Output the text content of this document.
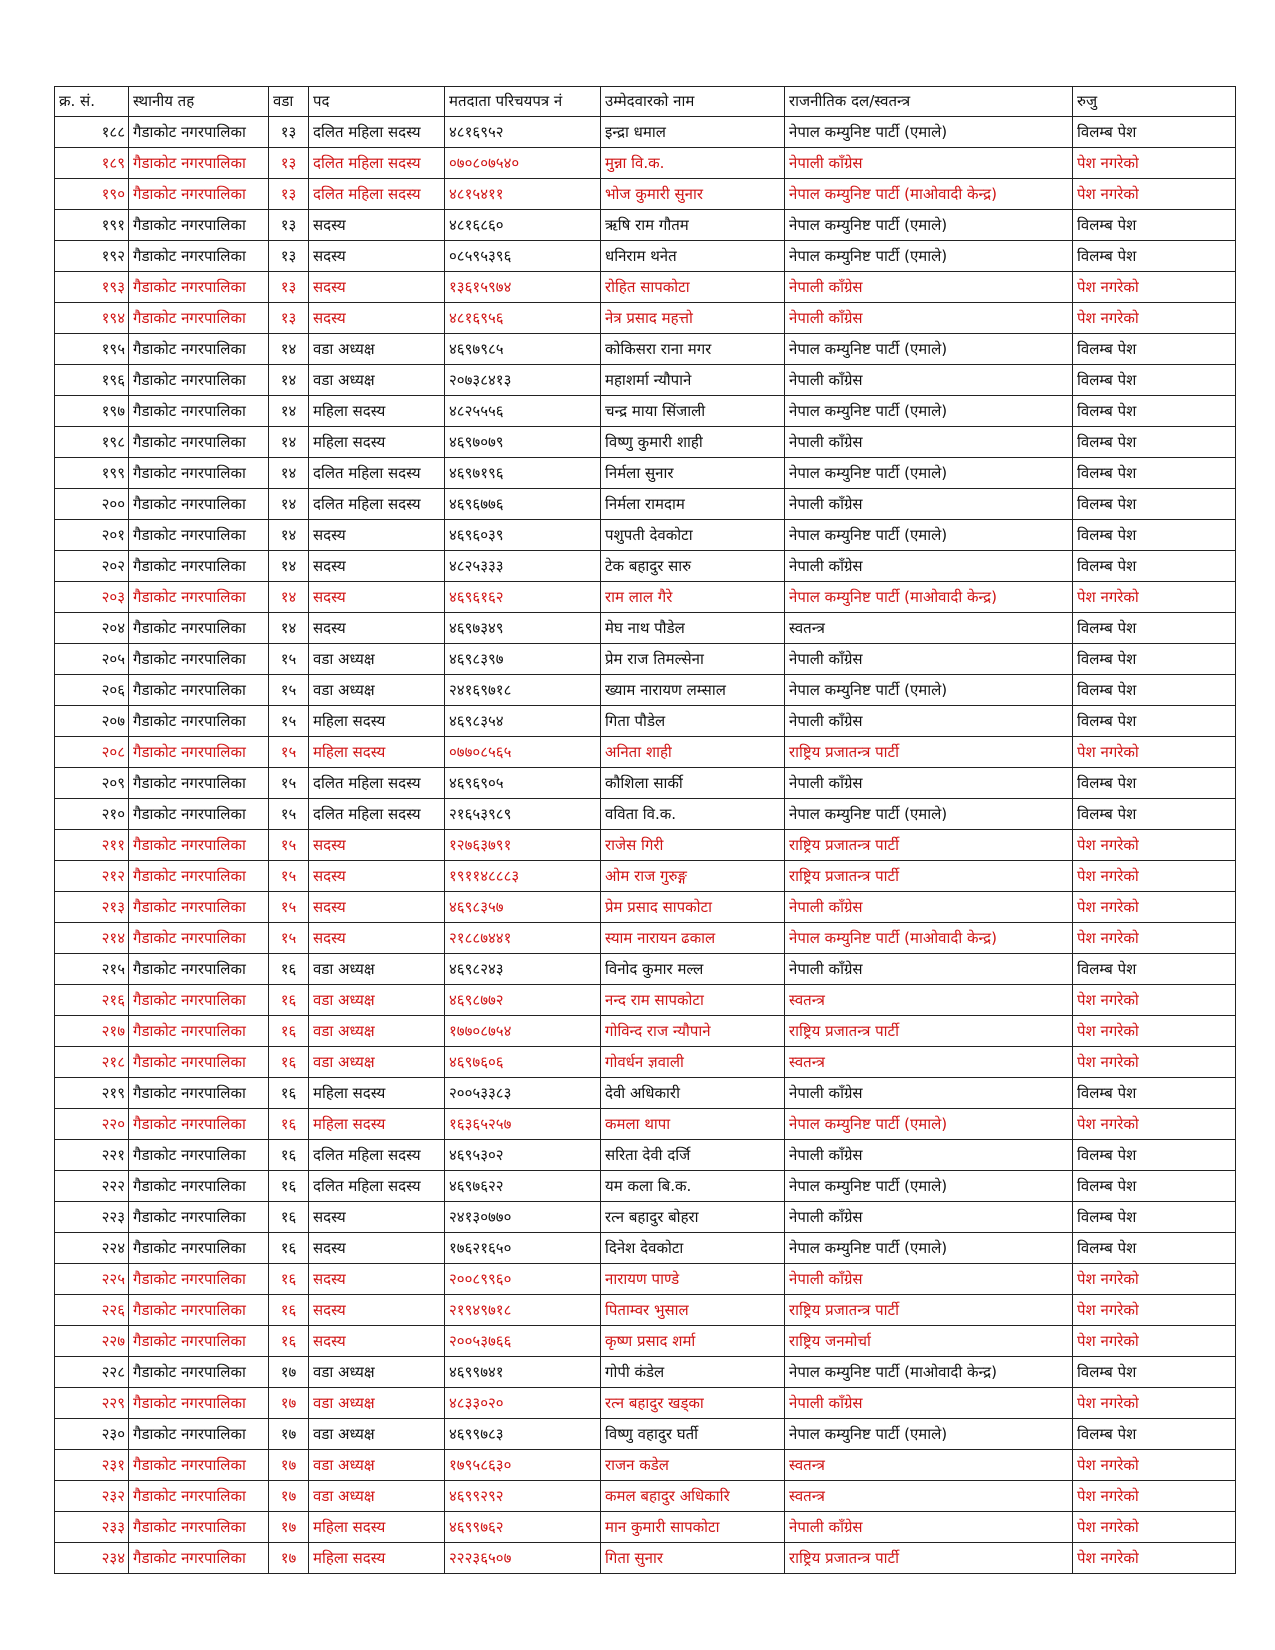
क्र. सं.	स्थानीय तह	वडा	पद	मतदाता परिचयपत्र नं	उम्मेदवारको नाम	राजनीतिक दल/स्वतन्त्र	रुजु
१८८	गैडाकोट नगरपालिका	१३	दलित महिला सदस्य	४८१६९५२	इन्द्रा धमाल	नेपाल कम्युनिष्ट पार्टी (एमाले)	विलम्ब पेश
१८९	गैडाकोट नगरपालिका	१३	दलित महिला सदस्य	०७०८०७५४०	मुन्ना वि.क.	नेपाली काँग्रेस	पेश नगरेको
१९०	गैडाकोट नगरपालिका	१३	दलित महिला सदस्य	४८१५४११	भोज कुमारी सुनार	नेपाल कम्युनिष्ट पार्टी (माओवादी केन्द्र)	पेश नगरेको
१९१	गैडाकोट नगरपालिका	१३	सदस्य	४८१६८६०	ऋषि राम गौतम	नेपाल कम्युनिष्ट पार्टी (एमाले)	विलम्ब पेश
१९२	गैडाकोट नगरपालिका	१३	सदस्य	०८५९५३९६	धनिराम थनेत	नेपाल कम्युनिष्ट पार्टी (एमाले)	विलम्ब पेश
१९३	गैडाकोट नगरपालिका	१३	सदस्य	१३६१५९७४	रोहित सापकोटा	नेपाली काँग्रेस	पेश नगरेको
१९४	गैडाकोट नगरपालिका	१३	सदस्य	४८१६९५६	नेत्र प्रसाद महत्तो	नेपाली काँग्रेस	पेश नगरेको
१९५	गैडाकोट नगरपालिका	१४	वडा अध्यक्ष	४६९७९८५	कोकिसरा राना मगर	नेपाल कम्युनिष्ट पार्टी (एमाले)	विलम्ब पेश
१९६	गैडाकोट नगरपालिका	१४	वडा अध्यक्ष	२०७३८४१३	महाशर्मा न्यौपाने	नेपाली काँग्रेस	विलम्ब पेश
१९७	गैडाकोट नगरपालिका	१४	महिला सदस्य	४८२५५५६	चन्द्र माया सिंजाली	नेपाल कम्युनिष्ट पार्टी (एमाले)	विलम्ब पेश
१९८	गैडाकोट नगरपालिका	१४	महिला सदस्य	४६९७०७९	विष्णु कुमारी शाही	नेपाली काँग्रेस	विलम्ब पेश
१९९	गैडाकोट नगरपालिका	१४	दलित महिला सदस्य	४६९७१९६	निर्मला सुनार	नेपाल कम्युनिष्ट पार्टी (एमाले)	विलम्ब पेश
२००	गैडाकोट नगरपालिका	१४	दलित महिला सदस्य	४६९६७७६	निर्मला रामदाम	नेपाली काँग्रेस	विलम्ब पेश
२०१	गैडाकोट नगरपालिका	१४	सदस्य	४६९६०३९	पशुपती देवकोटा	नेपाल कम्युनिष्ट पार्टी (एमाले)	विलम्ब पेश
२०२	गैडाकोट नगरपालिका	१४	सदस्य	४८२५३३३	टेक बहादुर सारु	नेपाली काँग्रेस	विलम्ब पेश
२०३	गैडाकोट नगरपालिका	१४	सदस्य	४६९६१६२	राम लाल गैरे	नेपाल कम्युनिष्ट पार्टी (माओवादी केन्द्र)	पेश नगरेको
२०४	गैडाकोट नगरपालिका	१४	सदस्य	४६९७३४९	मेघ नाथ पौडेल	स्वतन्त्र	विलम्ब पेश
२०५	गैडाकोट नगरपालिका	१५	वडा अध्यक्ष	४६९८३९७	प्रेम राज तिमल्सेना	नेपाली काँग्रेस	विलम्ब पेश
२०६	गैडाकोट नगरपालिका	१५	वडा अध्यक्ष	२४१६९७१८	ख्याम नारायण लम्साल	नेपाल कम्युनिष्ट पार्टी (एमाले)	विलम्ब पेश
२०७	गैडाकोट नगरपालिका	१५	महिला सदस्य	४६९८३५४	गिता पौडेल	नेपाली काँग्रेस	विलम्ब पेश
२०८	गैडाकोट नगरपालिका	१५	महिला सदस्य	०७७०८५६५	अनिता शाही	राष्ट्रिय प्रजातन्त्र पार्टी	पेश नगरेको
२०९	गैडाकोट नगरपालिका	१५	दलित महिला सदस्य	४६९६९०५	कौशिला सार्की	नेपाली काँग्रेस	विलम्ब पेश
२१०	गैडाकोट नगरपालिका	१५	दलित महिला सदस्य	२१६५३९८९	वविता वि.क.	नेपाल कम्युनिष्ट पार्टी (एमाले)	विलम्ब पेश
२११	गैडाकोट नगरपालिका	१५	सदस्य	१२७६३७९१	राजेस गिरी	राष्ट्रिय प्रजातन्त्र पार्टी	पेश नगरेको
२१२	गैडाकोट नगरपालिका	१५	सदस्य	१९११४८८८३	ओम राज गुरुङ्ग	राष्ट्रिय प्रजातन्त्र पार्टी	पेश नगरेको
२१३	गैडाकोट नगरपालिका	१५	सदस्य	४६९८३५७	प्रेम प्रसाद सापकोटा	नेपाली काँग्रेस	पेश नगरेको
२१४	गैडाकोट नगरपालिका	१५	सदस्य	२१८८७४४१	स्याम नारायन ढकाल	नेपाल कम्युनिष्ट पार्टी (माओवादी केन्द्र)	पेश नगरेको
२१५	गैडाकोट नगरपालिका	१६	वडा अध्यक्ष	४६९८२४३	विनोद कुमार मल्ल	नेपाली काँग्रेस	विलम्ब पेश
२१६	गैडाकोट नगरपालिका	१६	वडा अध्यक्ष	४६९८७७२	नन्द राम सापकोटा	स्वतन्त्र	पेश नगरेको
२१७	गैडाकोट नगरपालिका	१६	वडा अध्यक्ष	१७७०८७५४	गोविन्द राज न्यौपाने	राष्ट्रिय प्रजातन्त्र पार्टी	पेश नगरेको
२१८	गैडाकोट नगरपालिका	१६	वडा अध्यक्ष	४६९७६०६	गोवर्धन ज्ञवाली	स्वतन्त्र	पेश नगरेको
२१९	गैडाकोट नगरपालिका	१६	महिला सदस्य	२००५३३८३	देवी अधिकारी	नेपाली काँग्रेस	विलम्ब पेश
२२०	गैडाकोट नगरपालिका	१६	महिला सदस्य	१६३६५२५७	कमला थापा	नेपाल कम्युनिष्ट पार्टी (एमाले)	पेश नगरेको
२२१	गैडाकोट नगरपालिका	१६	दलित महिला सदस्य	४६९५३०२	सरिता देवी दर्जि	नेपाली काँग्रेस	विलम्ब पेश
२२२	गैडाकोट नगरपालिका	१६	दलित महिला सदस्य	४६९७६२२	यम कला बि.क.	नेपाल कम्युनिष्ट पार्टी (एमाले)	विलम्ब पेश
२२३	गैडाकोट नगरपालिका	१६	सदस्य	२४१३०७७०	रत्न बहादुर बोहरा	नेपाली काँग्रेस	विलम्ब पेश
२२४	गैडाकोट नगरपालिका	१६	सदस्य	१७६२१६५०	दिनेश देवकोटा	नेपाल कम्युनिष्ट पार्टी (एमाले)	विलम्ब पेश
२२५	गैडाकोट नगरपालिका	१६	सदस्य	२००८९९६०	नारायण पाण्डे	नेपाली काँग्रेस	पेश नगरेको
२२६	गैडाकोट नगरपालिका	१६	सदस्य	२१९४९७१८	पिताम्वर भुसाल	राष्ट्रिय प्रजातन्त्र पार्टी	पेश नगरेको
२२७	गैडाकोट नगरपालिका	१६	सदस्य	२००५३७६६	कृष्ण प्रसाद शर्मा	राष्ट्रिय जनमोर्चा	पेश नगरेको
२२८	गैडाकोट नगरपालिका	१७	वडा अध्यक्ष	४६९९७४१	गोपी कंडेल	नेपाल कम्युनिष्ट पार्टी (माओवादी केन्द्र)	विलम्ब पेश
२२९	गैडाकोट नगरपालिका	१७	वडा अध्यक्ष	४८३३०२०	रत्न बहादुर खड्का	नेपाली काँग्रेस	पेश नगरेको
२३०	गैडाकोट नगरपालिका	१७	वडा अध्यक्ष	४६९९७८३	विष्णु वहादुर घर्ती	नेपाल कम्युनिष्ट पार्टी (एमाले)	विलम्ब पेश
२३१	गैडाकोट नगरपालिका	१७	वडा अध्यक्ष	१७९५८६३०	राजन कडेल	स्वतन्त्र	पेश नगरेको
२३२	गैडाकोट नगरपालिका	१७	वडा अध्यक्ष	४६९९२९२	कमल बहादुर अधिकारि	स्वतन्त्र	पेश नगरेको
२३३	गैडाकोट नगरपालिका	१७	महिला सदस्य	४६९९७६२	मान कुमारी सापकोटा	नेपाली काँग्रेस	पेश नगरेको
२३४	गैडाकोट नगरपालिका	१७	महिला सदस्य	२२२३६५०७	गिता सुनार	राष्ट्रिय प्रजातन्त्र पार्टी	पेश नगरेको
